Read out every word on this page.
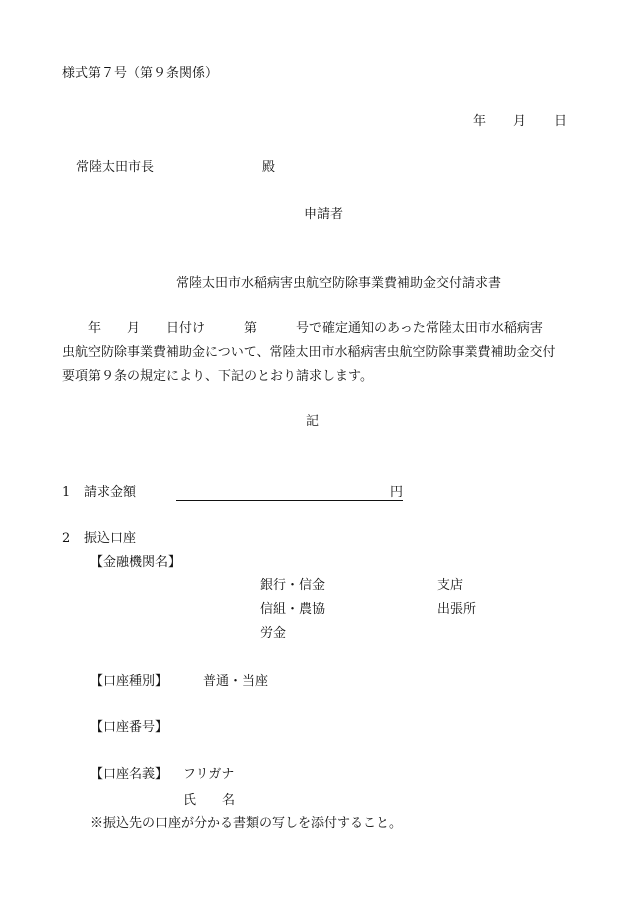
様式第７号（第９条関係）
年 月 日
常陸太田市長	殿
申請者
常陸太田市水稲病害虫航空防除事業費補助金交付請求書
　　年　　月　　日付け　　　第　　　号で確定通知のあった常陸太田市水稲病害
虫航空防除事業費補助金について、常陸太田市水稲病害虫航空防除事業費補助金交付
要項第９条の規定により、下記のとおり請求します。
記
1 請求金額	円
2 振込口座
【金融機関名】
銀行・信金	支店
信組・農協	出張所
労金
【口座種別】	普通・当座
【口座番号】
【口座名義】 フリガナ
氏　　名
※振込先の口座が分かる書類の写しを添付すること。
